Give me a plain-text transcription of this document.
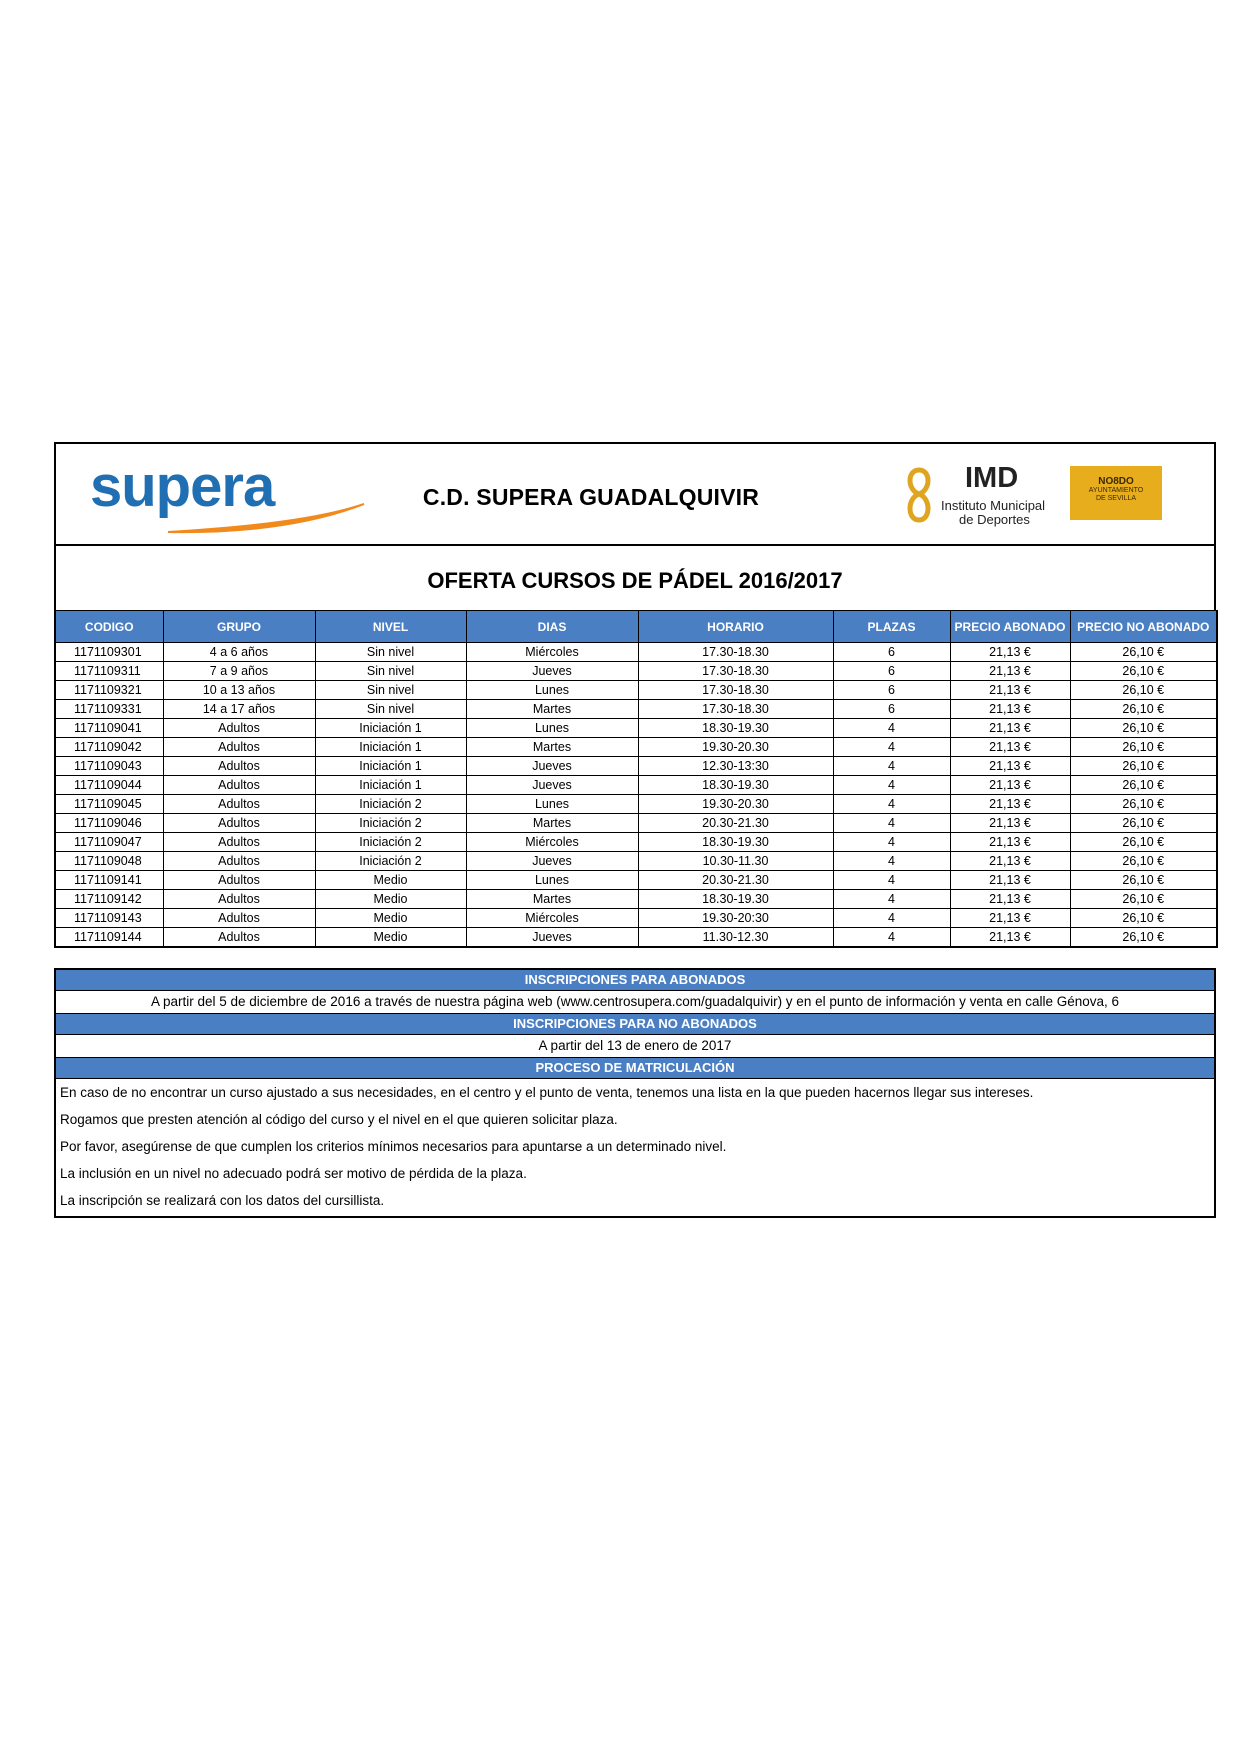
supera	C.D. SUPERA GUADALQUIVIR
IMD
Instituto Municipal
de Deportes
NO8DO
AYUNTAMIENTO
DE SEVILLA
OFERTA CURSOS DE PÁDEL 2016/2017
CODIGO	GRUPO	NIVEL	DIAS	HORARIO	PLAZAS	PRECIO ABONADO	PRECIO NO ABONADO
1171109301	4 a 6 años	Sin nivel	Miércoles	17.30-18.30	6	21,13 €	26,10 €
1171109311	7 a 9 años	Sin nivel	Jueves	17.30-18.30	6	21,13 €	26,10 €
1171109321	10 a 13 años	Sin nivel	Lunes	17.30-18.30	6	21,13 €	26,10 €
1171109331	14 a 17 años	Sin nivel	Martes	17.30-18.30	6	21,13 €	26,10 €
1171109041	Adultos	Iniciación 1	Lunes	18.30-19.30	4	21,13 €	26,10 €
1171109042	Adultos	Iniciación 1	Martes	19.30-20.30	4	21,13 €	26,10 €
1171109043	Adultos	Iniciación 1	Jueves	12.30-13:30	4	21,13 €	26,10 €
1171109044	Adultos	Iniciación 1	Jueves	18.30-19.30	4	21,13 €	26,10 €
1171109045	Adultos	Iniciación 2	Lunes	19.30-20.30	4	21,13 €	26,10 €
1171109046	Adultos	Iniciación 2	Martes	20.30-21.30	4	21,13 €	26,10 €
1171109047	Adultos	Iniciación 2	Miércoles	18.30-19.30	4	21,13 €	26,10 €
1171109048	Adultos	Iniciación 2	Jueves	10.30-11.30	4	21,13 €	26,10 €
1171109141	Adultos	Medio	Lunes	20.30-21.30	4	21,13 €	26,10 €
1171109142	Adultos	Medio	Martes	18.30-19.30	4	21,13 €	26,10 €
1171109143	Adultos	Medio	Miércoles	19.30-20:30	4	21,13 €	26,10 €
1171109144	Adultos	Medio	Jueves	11.30-12.30	4	21,13 €	26,10 €
INSCRIPCIONES PARA ABONADOS
A partir del 5 de diciembre de 2016 a través de nuestra página web (www.centrosupera.com/guadalquivir) y en el punto de información y venta en calle Génova, 6
INSCRIPCIONES PARA NO ABONADOS
A partir del 13 de enero de 2017
PROCESO DE MATRICULACIÓN
En caso de no encontrar un curso ajustado a sus necesidades, en el centro y el punto de venta, tenemos una lista en la que pueden hacernos llegar sus intereses.
Rogamos que presten atención al código del curso y el nivel en el que quieren solicitar plaza.
Por favor, asegúrense de que cumplen los criterios mínimos necesarios para apuntarse a un determinado nivel.
La inclusión en un nivel no adecuado podrá ser motivo de pérdida de la plaza.
La inscripción se realizará con los datos del cursillista.
